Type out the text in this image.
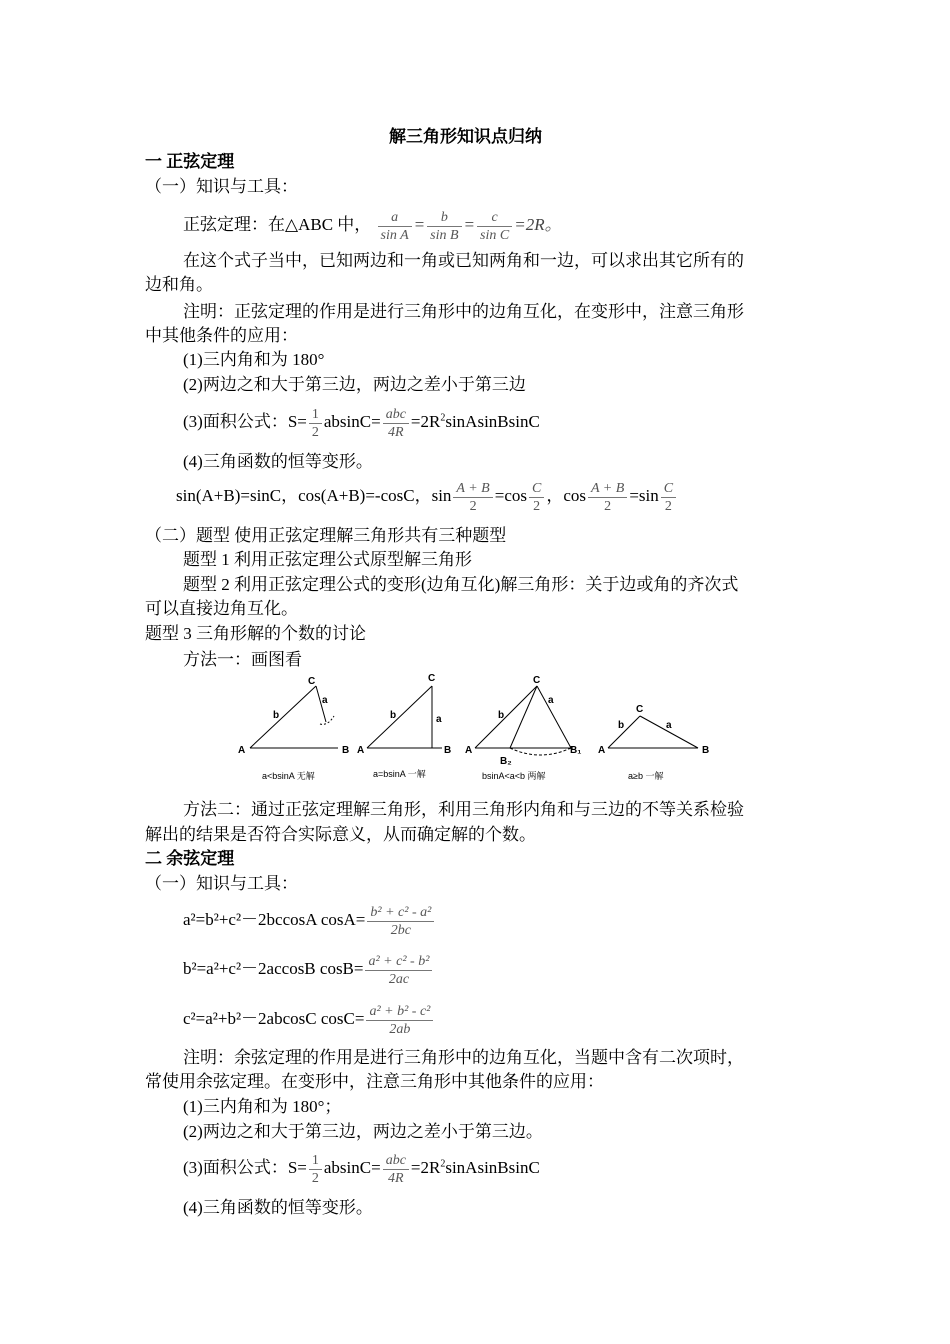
解三角形知识点归纳
一 正弦定理
（一）知识与工具：
正弦定理：在△ABC 中， $\frac{a}{\text{sin A}} = \frac{b}{\text{sin B}} = \frac{c}{\text{sin C}} =2R$。
在这个式子当中，已知两边和一角或已知两角和一边，可以求出其它所有的
边和角。
注明：正弦定理的作用是进行三角形中的边角互化，在变形中，注意三角形
中其他条件的应用：
(1)三内角和为 180°
(2)两边之和大于第三边，两边之差小于第三边
(3)面积公式：$S= \frac{1}{2} absinC= \frac{\text{abc}}{4R}$ $=2R^2sinAsinBsinC$
(4)三角函数的恒等变形。
sin(A+B)=sinC，cos(A+B)=-cosC，$\sin \frac{A + B}{2} =\cos \frac{C}{2}$ ，$\cos \frac{A + B}{2} =\sin \frac{C}{2}$
（二）题型 使用正弦定理解三角形共有三种题型
题型 1 利用正弦定理公式原型解三角形
题型 2 利用正弦定理公式的变形(边角互化)解三角形：关于边或角的齐次式
可以直接边角互化。
题型 3 三角形解的个数的讨论
方法一：画图看
A	B
C
b
a
A	B
C
b	a
A	B₁
B₂
C
b
a
A	B
C
b	a
a<bsinA 无解	a=bsinA 一解	bsinA<a<b 两解	a≥b 一解
方法二：通过正弦定理解三角形，利用三角形内角和与三边的不等关系检验
解出的结果是否符合实际意义，从而确定解的个数。
二 余弦定理
（一）知识与工具：
a²=b²+c²－2bccosA $\cos A= \frac{\text{b² + c² - a²}}{2bc}$
b²=a²+c²－2accosB $\cos B= \frac{\text{a² + c² - b²}}{2ac}$
c²=a²+b²－2abcosC $\cos C= \frac{\text{a² + b² - c²}}{2ab}$
注明：余弦定理的作用是进行三角形中的边角互化，当题中含有二次项时，
常使用余弦定理。在变形中，注意三角形中其他条件的应用：
(1)三内角和为 180°；
(2)两边之和大于第三边，两边之差小于第三边。
(3)面积公式：$S= \frac{1}{2} absinC= \frac{\text{abc}}{4R}$ $=2R^2sinAsinBsinC$
(4)三角函数的恒等变形。
